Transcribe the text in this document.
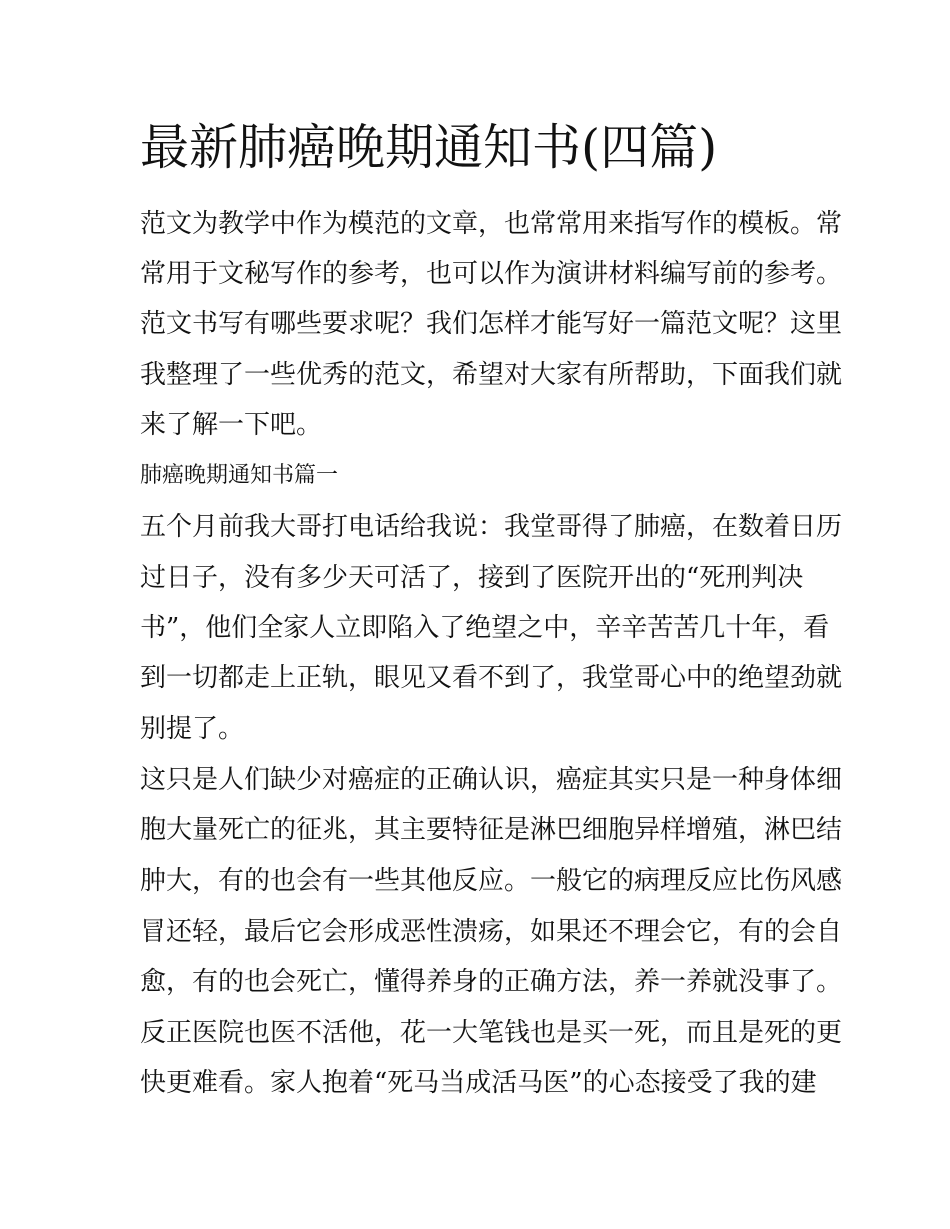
最新肺癌晚期通知书(四篇)

范文为教学中作为模范的文章，也常常用来指写作的模板。常

常用于文秘写作的参考，也可以作为演讲材料编写前的参考。

范文书写有哪些要求呢？我们怎样才能写好一篇范文呢？这里

我整理了一些优秀的范文，希望对大家有所帮助，下面我们就

来了解一下吧。

肺癌晚期通知书篇一

五个月前我大哥打电话给我说：我堂哥得了肺癌，在数着日历

过日子，没有多少天可活了，接到了医院开出的“死刑判决

书”，他们全家人立即陷入了绝望之中，辛辛苦苦几十年，看

到一切都走上正轨，眼见又看不到了，我堂哥心中的绝望劲就

别提了。

这只是人们缺少对癌症的正确认识，癌症其实只是一种身体细

胞大量死亡的征兆，其主要特征是淋巴细胞异样增殖，淋巴结

肿大，有的也会有一些其他反应。一般它的病理反应比伤风感

冒还轻，最后它会形成恶性溃疡，如果还不理会它，有的会自

愈，有的也会死亡，懂得养身的正确方法，养一养就没事了。

反正医院也医不活他，花一大笔钱也是买一死，而且是死的更

快更难看。家人抱着“死马当成活马医”的心态接受了我的建
